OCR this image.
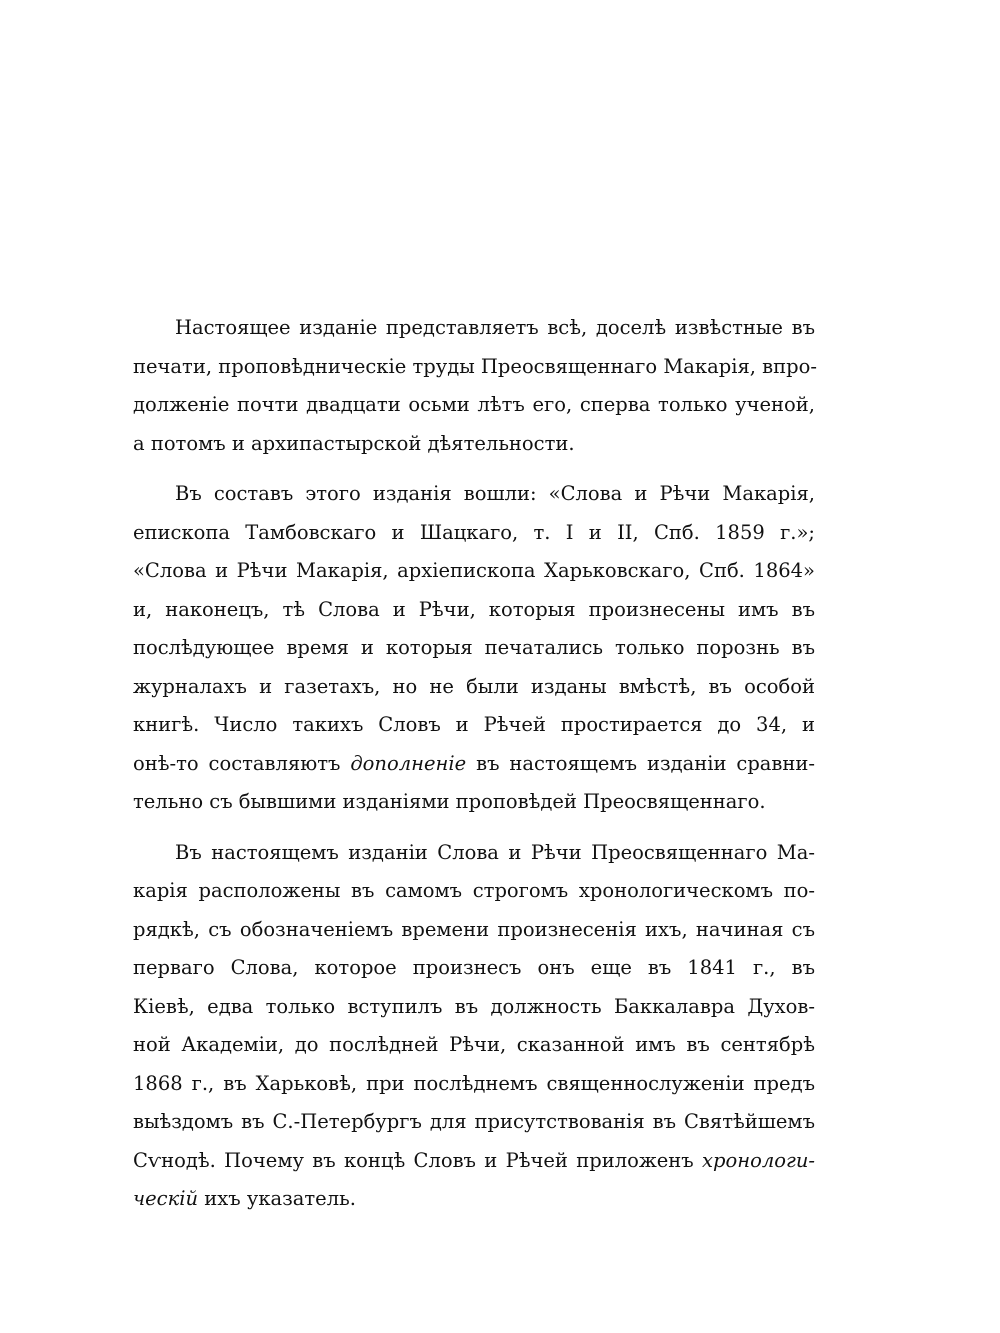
Настоящее изданіе представляетъ всѣ, доселѣ извѣстные въ
печати, проповѣдническіе труды Преосвященнаго Макарія, впро-
долженіе почти двадцати осьми лѣтъ его, сперва только ученой,
а потомъ и архипастырской дѣятельности.
Въ составъ этого изданія вошли: «Слова и Рѣчи Макарія,
епископа Тамбовскаго и Шацкаго, т. I и II, Спб. 1859 г.»;
«Слова и Рѣчи Макарія, архіепископа Харьковскаго, Спб. 1864»
и, наконецъ, тѣ Слова и Рѣчи, которыя произнесены имъ въ
послѣдующее время и которыя печатались только порознь въ
журналахъ и газетахъ, но не были изданы вмѣстѣ, въ особой
книгѣ. Число такихъ Словъ и Рѣчей простирается до 34, и
онѣ-то составляютъ дополненіе въ настоящемъ изданіи сравни-
тельно съ бывшими изданіями проповѣдей Преосвященнаго.
Въ настоящемъ изданіи Слова и Рѣчи Преосвященнаго Ма-
карія расположены въ самомъ строгомъ хронологическомъ по-
рядкѣ, съ обозначеніемъ времени произнесенія ихъ, начиная съ
перваго Слова, которое произнесъ онъ еще въ 1841 г., въ
Кіевѣ, едва только вступилъ въ должность Баккалавра Духов-
ной Академіи, до послѣдней Рѣчи, сказанной имъ въ сентябрѣ
1868 г., въ Харьковѣ, при послѣднемъ священнослуженіи предъ
выѣздомъ въ С.-Петербургъ для присутствованія въ Святѣйшемъ
Сѵнодѣ. Почему въ концѣ Словъ и Рѣчей приложенъ хронологи-
ческій ихъ указатель.
